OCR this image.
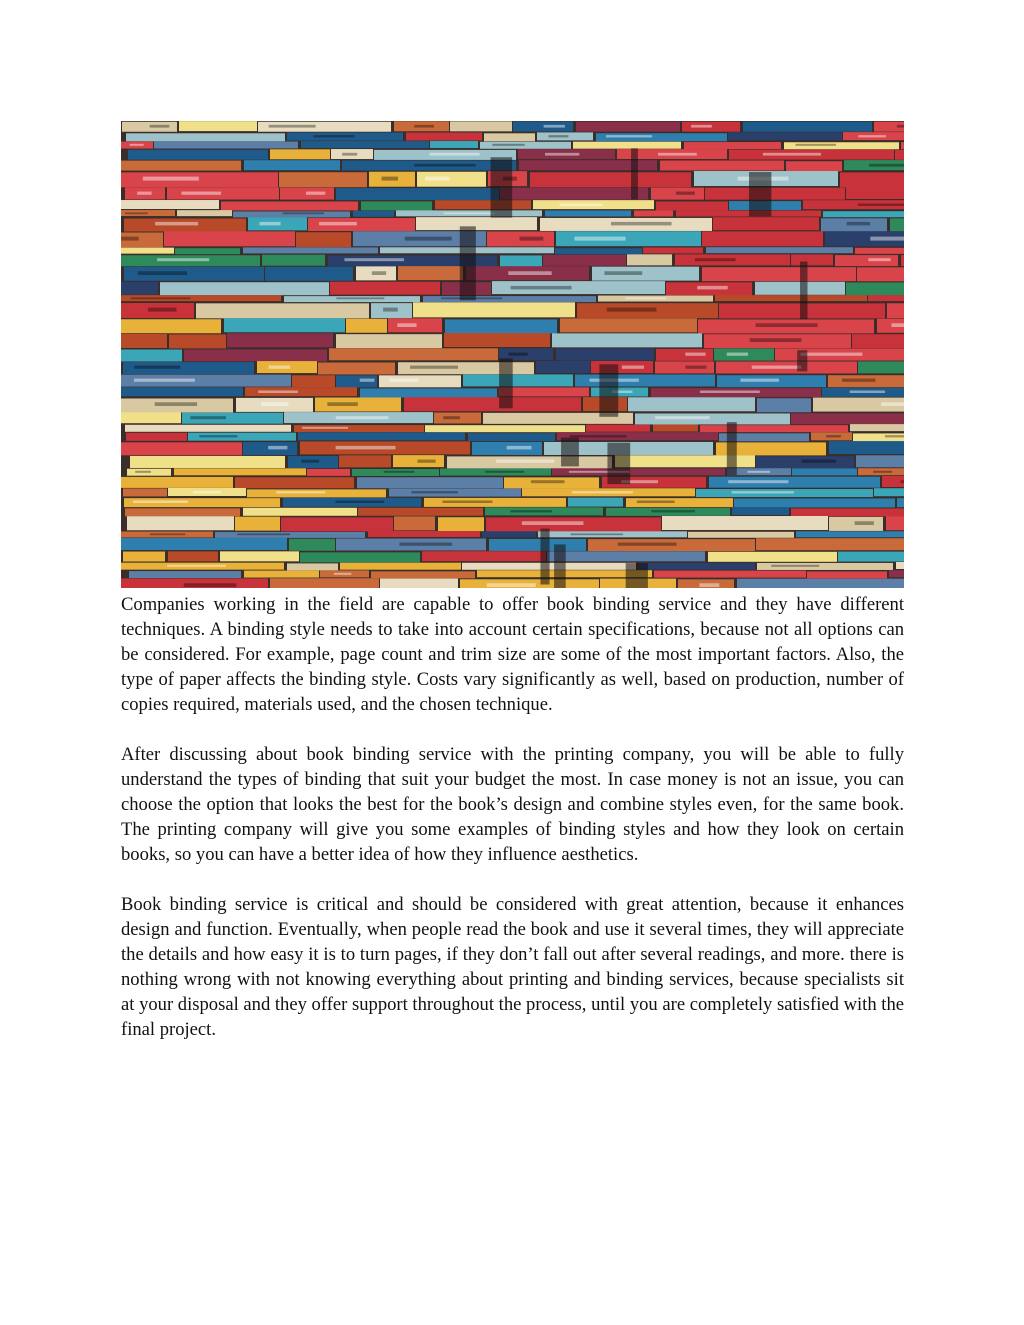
Companies working in the field are capable to offer book binding service and they have different techniques. A binding style needs to take into account certain specifications, because not all options can be considered. For example, page count and trim size are some of the most important factors. Also, the type of paper affects the binding style. Costs vary significantly as well, based on production, number of copies required, materials used, and the chosen technique.

After discussing about book binding service with the printing company, you will be able to fully understand the types of binding that suit your budget the most. In case money is not an issue, you can choose the option that looks the best for the book’s design and combine styles even, for the same book. The printing company will give you some examples of binding styles and how they look on certain books, so you can have a better idea of how they influence aesthetics.

Book binding service is critical and should be considered with great attention, because it enhances design and function. Eventually, when people read the book and use it several times, they will appreciate the details and how easy it is to turn pages, if they don’t fall out after several readings, and more. there is nothing wrong with not knowing everything about printing and binding services, because specialists sit at your disposal and they offer support throughout the process, until you are completely satisfied with the final project.
